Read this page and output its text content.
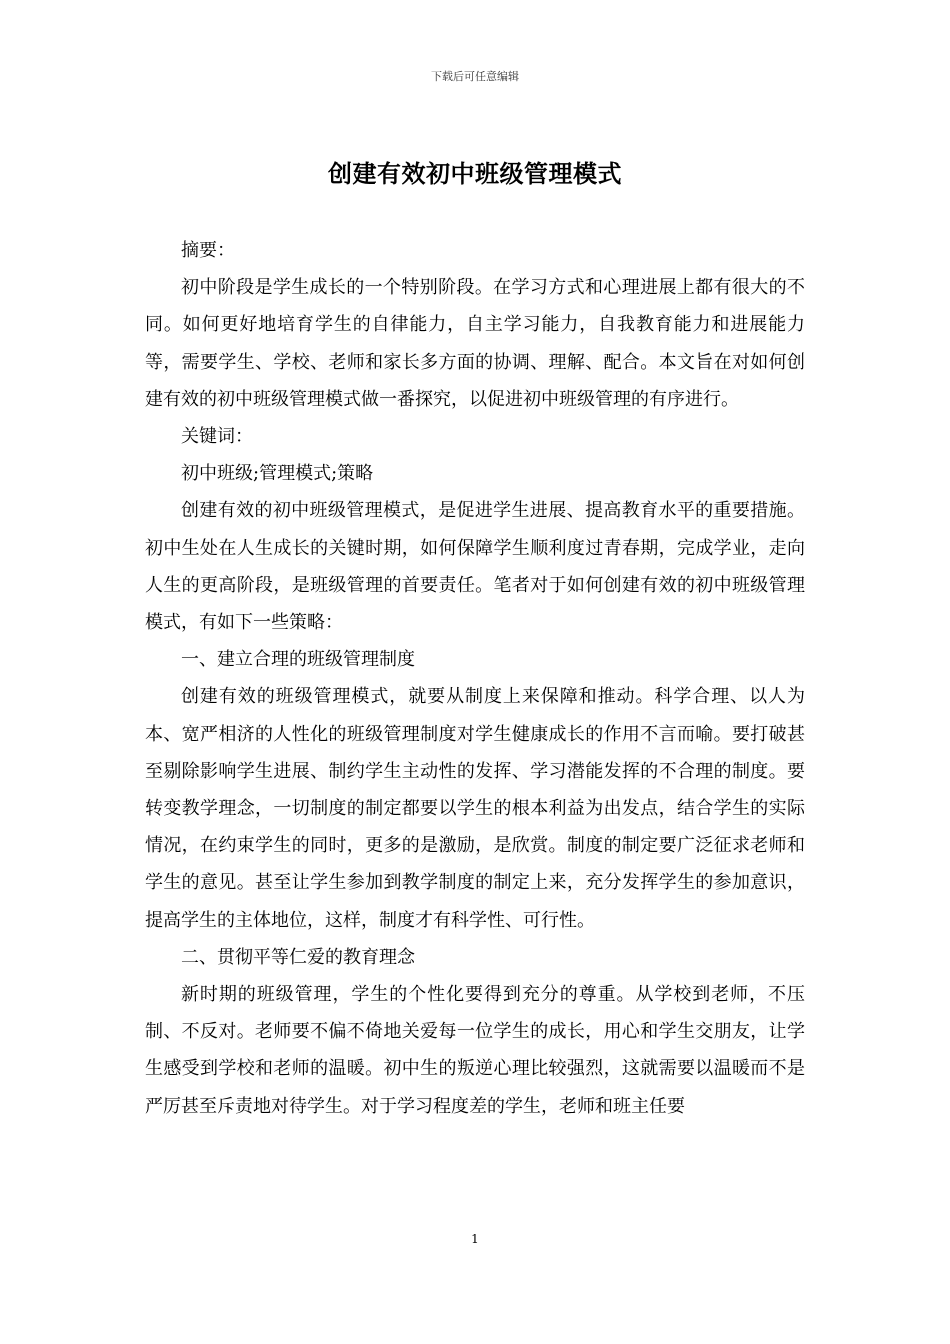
下载后可任意编辑
创建有效初中班级管理模式

摘要：

初中阶段是学生成长的一个特别阶段。在学习方式和心理进展上都有很大的不同。如何更好地培育学生的自律能力，自主学习能力，自我教育能力和进展能力等，需要学生、学校、老师和家长多方面的协调、理解、配合。本文旨在对如何创建有效的初中班级管理模式做一番探究，以促进初中班级管理的有序进行。

关键词：

初中班级;管理模式;策略

创建有效的初中班级管理模式，是促进学生进展、提高教育水平的重要措施。初中生处在人生成长的关键时期，如何保障学生顺利度过青春期，完成学业，走向人生的更高阶段，是班级管理的首要责任。笔者对于如何创建有效的初中班级管理模式，有如下一些策略：

一、建立合理的班级管理制度

创建有效的班级管理模式，就要从制度上来保障和推动。科学合理、以人为本、宽严相济的人性化的班级管理制度对学生健康成长的作用不言而喻。要打破甚至剔除影响学生进展、制约学生主动性的发挥、学习潜能发挥的不合理的制度。要转变教学理念，一切制度的制定都要以学生的根本利益为出发点，结合学生的实际情况，在约束学生的同时，更多的是激励，是欣赏。制度的制定要广泛征求老师和学生的意见。甚至让学生参加到教学制度的制定上来，充分发挥学生的参加意识，提高学生的主体地位，这样，制度才有科学性、可行性。

二、贯彻平等仁爱的教育理念

新时期的班级管理，学生的个性化要得到充分的尊重。从学校到老师，不压制、不反对。老师要不偏不倚地关爱每一位学生的成长，用心和学生交朋友，让学生感受到学校和老师的温暖。初中生的叛逆心理比较强烈，这就需要以温暖而不是严厉甚至斥责地对待学生。对于学习程度差的学生，老师和班主任要

1
